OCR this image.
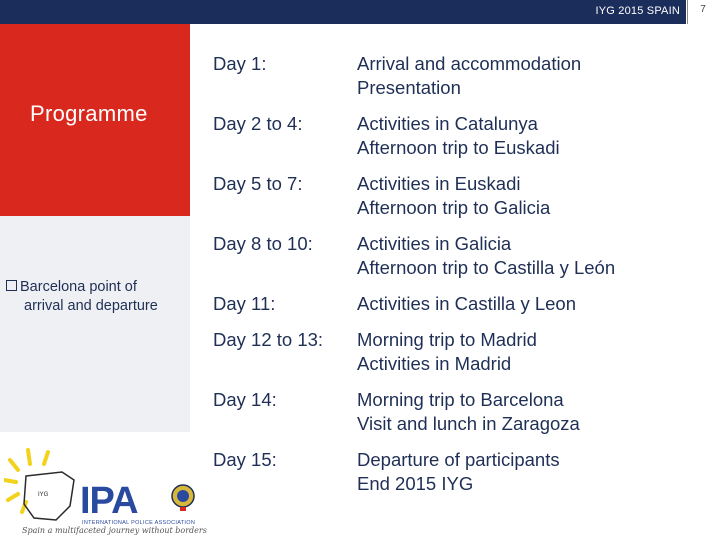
IYG 2015 SPAIN	7
Programme
Barcelona point of
arrival and departure
IYG IPA
INTERNATIONAL POLICE ASSOCIATION
Spain a multifaceted journey without borders
Day 1:	Arrival and accommodation
Presentation
Day 2 to 4:	Activities in Catalunya
Afternoon trip to Euskadi
Day 5 to 7:	Activities in Euskadi
Afternoon trip to Galicia
Day 8 to 10:	Activities in Galicia
Afternoon trip to Castilla y León
Day 11:	Activities in Castilla y Leon
Day 12 to 13:	Morning trip to Madrid
Activities in Madrid
Day 14:	Morning trip to Barcelona
Visit and lunch in Zaragoza
Day 15:	Departure of participants
End 2015 IYG
